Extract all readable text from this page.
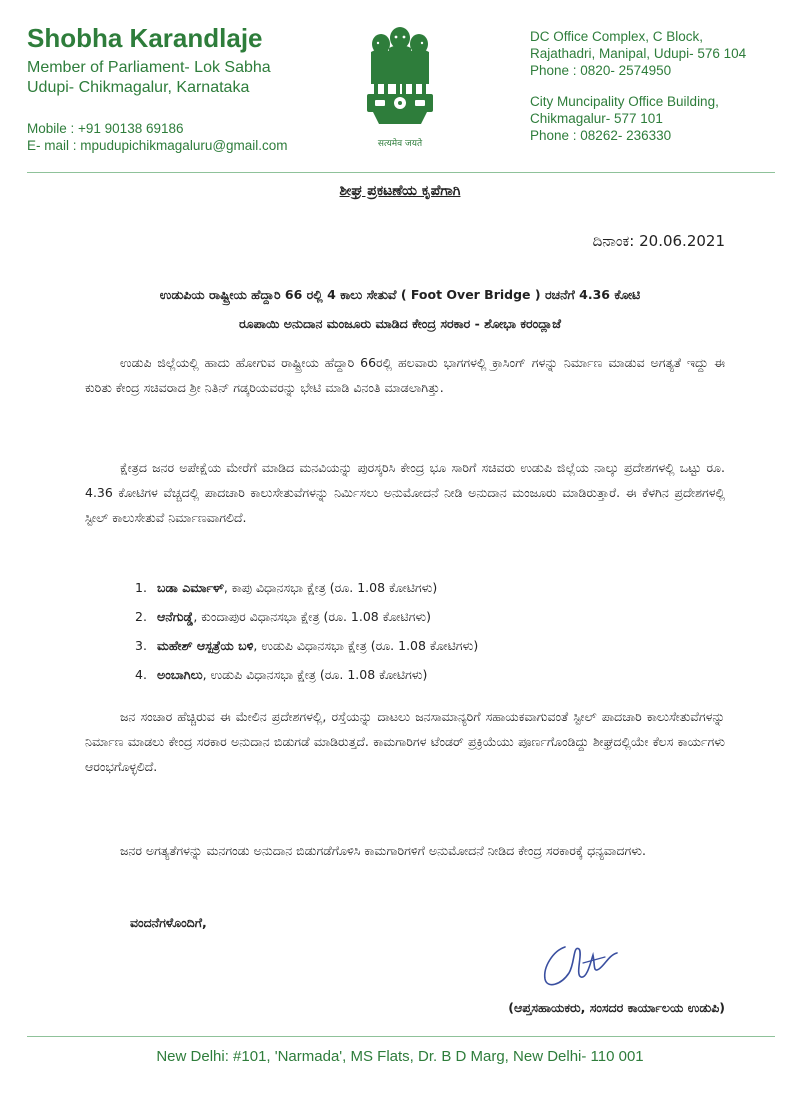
Shobha Karandlaje
Member of Parliament- Lok Sabha
Udupi- Chikmagalur, Karnataka
Mobile : +91 90138 69186
E- mail : mpudupichikmagaluru@gmail.com	सत्यमेव जयते
DC Office Complex, C Block,
Rajathadri, Manipal, Udupi- 576 104
Phone : 0820- 2574950
City Muncipality Office Building,
Chikmagalur- 577 101
Phone : 08262- 236330
ಶೀಘ್ರ ಪ್ರಕಟಣೆಯ ಕೃಪೆಗಾಗಿ
ದಿನಾಂಕ: 20.06.2021
ಉಡುಪಿಯ ರಾಷ್ಟ್ರೀಯ ಹೆದ್ದಾರಿ 66 ರಲ್ಲಿ 4 ಕಾಲು ಸೇತುವೆ ( Foot Over Bridge ) ರಚನೆಗೆ 4.36 ಕೋಟಿ
ರೂಪಾಯಿ ಅನುದಾನ ಮಂಜೂರು ಮಾಡಿದ ಕೇಂದ್ರ ಸರಕಾರ - ಶೋಭಾ ಕರಂದ್ಲಾಜೆ

ಉಡುಪಿ ಜಿಲ್ಲೆಯಲ್ಲಿ ಹಾದು ಹೋಗುವ ರಾಷ್ಟ್ರೀಯ ಹೆದ್ದಾರಿ 66ರಲ್ಲಿ ಹಲವಾರು ಭಾಗಗಳಲ್ಲಿ ಕ್ರಾಸಿಂಗ್ ಗಳನ್ನು ನಿರ್ಮಾಣ ಮಾಡುವ ಅಗತ್ಯತೆ ಇದ್ದು ಈ ಕುರಿತು ಕೇಂದ್ರ ಸಚಿವರಾದ ಶ್ರೀ ನಿತಿನ್ ಗಡ್ಕರಿಯವರನ್ನು ಭೇಟಿ ಮಾಡಿ ವಿನಂತಿ ಮಾಡಲಾಗಿತ್ತು.

ಕ್ಷೇತ್ರದ ಜನರ ಅಪೇಕ್ಷೆಯ ಮೇರೆಗೆ ಮಾಡಿದ ಮನವಿಯನ್ನು ಪುರಸ್ಕರಿಸಿ ಕೇಂದ್ರ ಭೂ ಸಾರಿಗೆ ಸಚಿವರು ಉಡುಪಿ ಜಿಲ್ಲೆಯ ನಾಲ್ಕು ಪ್ರದೇಶಗಳಲ್ಲಿ ಒಟ್ಟು ರೂ. 4.36 ಕೋಟಿಗಳ ವೆಚ್ಚದಲ್ಲಿ ಪಾದಚಾರಿ ಕಾಲುಸೇತುವೆಗಳನ್ನು ನಿರ್ಮಿಸಲು ಅನುಮೋದನೆ ನೀಡಿ ಅನುದಾನ ಮಂಜೂರು ಮಾಡಿರುತ್ತಾರೆ. ಈ ಕೆಳಗಿನ ಪ್ರದೇಶಗಳಲ್ಲಿ ಸ್ಟೀಲ್ ಕಾಲುಸೇತುವೆ ನಿರ್ಮಾಣವಾಗಲಿದೆ.

1. ಬಡಾ ಎರ್ಮಾಳ್, ಕಾಪು ವಿಧಾನಸಭಾ ಕ್ಷೇತ್ರ (ರೂ. 1.08 ಕೋಟಿಗಳು)
2. ಆನೆಗುಡ್ಡೆ, ಕುಂದಾಪುರ ವಿಧಾನಸಭಾ ಕ್ಷೇತ್ರ (ರೂ. 1.08 ಕೋಟಿಗಳು)
3. ಮಹೇಶ್ ಆಸ್ಪತ್ರೆಯ ಬಳಿ, ಉಡುಪಿ ವಿಧಾನಸಭಾ ಕ್ಷೇತ್ರ (ರೂ. 1.08 ಕೋಟಿಗಳು)
4. ಅಂಬಾಗಿಲು, ಉಡುಪಿ ವಿಧಾನಸಭಾ ಕ್ಷೇತ್ರ (ರೂ. 1.08 ಕೋಟಿಗಳು)

ಜನ ಸಂಚಾರ ಹೆಚ್ಚಿರುವ ಈ ಮೇಲಿನ ಪ್ರದೇಶಗಳಲ್ಲಿ, ರಸ್ತೆಯನ್ನು ದಾಟಲು ಜನಸಾಮಾನ್ಯರಿಗೆ ಸಹಾಯಕವಾಗುವಂತೆ ಸ್ಟೀಲ್ ಪಾದಚಾರಿ ಕಾಲುಸೇತುವೆಗಳನ್ನು ನಿರ್ಮಾಣ ಮಾಡಲು ಕೇಂದ್ರ ಸರಕಾರ ಅನುದಾನ ಬಿಡುಗಡೆ ಮಾಡಿರುತ್ತದೆ. ಕಾಮಗಾರಿಗಳ ಟೆಂಡರ್ ಪ್ರಕ್ರಿಯೆಯು ಪೂರ್ಣಗೊಂಡಿದ್ದು ಶೀಘ್ರದಲ್ಲಿಯೇ ಕೆಲಸ ಕಾರ್ಯಗಳು ಆರಂಭಗೊಳ್ಳಲಿದೆ.

ಜನರ ಅಗತ್ಯತೆಗಳನ್ನು ಮನಗಂಡು ಅನುದಾನ ಬಿಡುಗಡೆಗೊಳಿಸಿ ಕಾಮಗಾರಿಗಳಿಗೆ ಅನುಮೋದನೆ ನೀಡಿದ ಕೇಂದ್ರ ಸರಕಾರಕ್ಕೆ ಧನ್ಯವಾದಗಳು.

ವಂದನೆಗಳೊಂದಿಗೆ,
(ಆಪ್ತಸಹಾಯಕರು, ಸಂಸದರ ಕಾರ್ಯಾಲಯ ಉಡುಪಿ)
New Delhi: #101, 'Narmada', MS Flats, Dr. B D Marg, New Delhi- 110 001
